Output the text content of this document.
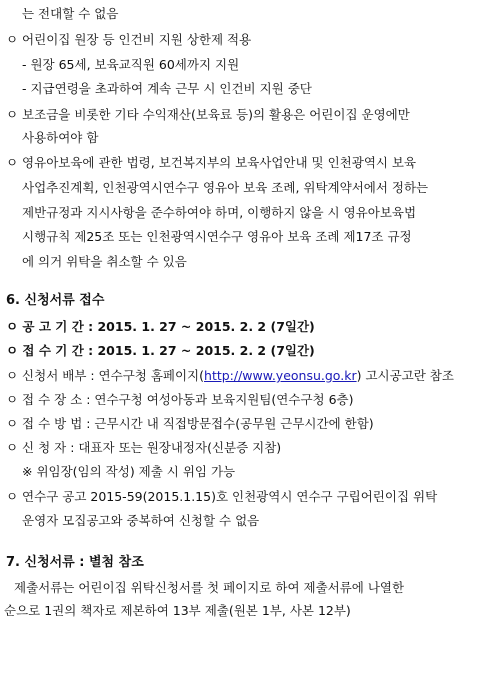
는 전대할 수 없음
ㅇ 어린이집 원장 등 인건비 지원 상한제 적용
- 원장 65세, 보육교직원 60세까지 지원
- 지급연령을 초과하여 계속 근무 시 인건비 지원 중단
ㅇ 보조금을 비롯한 기타 수익재산(보육료 등)의 활용은 어린이집 운영에만
사용하여야 함
ㅇ 영유아보육에 관한 법령, 보건복지부의 보육사업안내 및 인천광역시 보육
사업추진계획, 인천광역시연수구 영유아 보육 조례, 위탁계약서에서 정하는
제반규정과 지시사항을 준수하여야 하며, 이행하지 않을 시 영유아보육법
시행규칙 제25조 또는 인천광역시연수구 영유아 보육 조례 제17조 규정
에 의거 위탁을 취소할 수 있음
6. 신청서류 접수
ㅇ 공 고 기 간 : 2015. 1. 27 ~ 2015. 2. 2 (7일간)
ㅇ 접 수 기 간 : 2015. 1. 27 ~ 2015. 2. 2 (7일간)
ㅇ 신청서 배부 : 연수구청 홈페이지(http://www.yeonsu.go.kr) 고시공고란 참조
ㅇ 접 수 장 소 : 연수구청 여성아동과 보육지원팀(연수구청 6층)
ㅇ 접 수 방 법 : 근무시간 내 직접방문접수(공무원 근무시간에 한함)
ㅇ 신 청 자 : 대표자 또는 원장내정자(신분증 지참)
※ 위임장(임의 작성) 제출 시 위임 가능
ㅇ 연수구 공고 2015-59(2015.1.15)호 인천광역시 연수구 구립어린이집 위탁
운영자 모집공고와 중복하여 신청할 수 없음
7. 신청서류 : 별첨 참조
제출서류는 어린이집 위탁신청서를 첫 페이지로 하여 제출서류에 나열한
순으로 1권의 책자로 제본하여 13부 제출(원본 1부, 사본 12부)
